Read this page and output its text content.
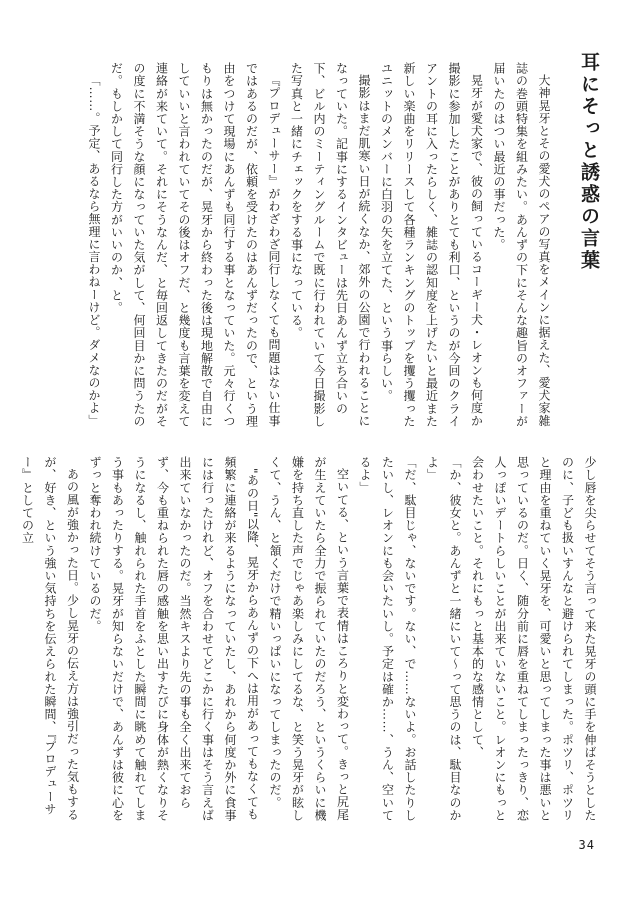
耳にそっと誘惑の言葉
大神晃牙とその愛犬のペアの写真をメインに据えた、愛犬家雑誌の巻頭特集を組みたい。あんずの下にそんな趣旨のオファーが届いたのはつい最近の事だった。
晃牙が愛犬家で、彼の飼っているコーギー犬・レオンも何度か撮影に参加したことがありとても利口、というのが今回のクライアントの耳に入ったらしく、雑誌の認知度を上げたいと最近また新しい楽曲をリリースして各種ランキングのトップを攫う攫ったユニットのメンバーに白羽の矢を立てた、という事らしい。
撮影はまだ肌寒い日が続くなか、郊外の公園で行われることになっていた。記事にするインタビューは先日あんず立ち合いの下、ビル内のミーティングルームで既に行われていて今日撮影した写真と一緒にチェックをする事になっている。
『プロデューサー』がわざわざ同行しなくても問題はない仕事ではあるのだが、依頼を受けたのはあんずだったので、という理由をつけて現場にあんずも同行する事となっていた。元々行くつもりは無かったのだが、晃牙から終わった後は現地解散で自由にしていいと言われていてその後はオフだ、と幾度も言葉を変えて連絡が来ていて。それにそうなんだ、と毎回返してきたのだがその度に不満そうな顔になっていた気がして、何回目かに問うたのだ。もしかして同行した方がいいのか、と。
「……。予定、あるなら無理に言わねーけど。ダメなのかよ」
少し唇を尖らせてそう言って来た晃牙の頭に手を伸ばそうとしたのに、子ども扱いすんなと避けられてしまった。ポツリ、ポツリと理由を重ねていく晃牙を、可愛いと思ってしまった事は悪いと思っているのだ。日く、随分前に唇を重ねてしまったっきり、恋人っぽいデートらしいことが出来ていないこと。レオンにもっと会わせたいこと。それにもっと基本的な感情として、
「か、彼女と。あんずと一緒にいて〜って思うのは、駄目なのかよ」
「だ、駄目じゃ、ないです。ない、で……ないよ。お話したりしたいし、レオンにも会いたいし。予定は確か……、うん、空いてるよ」
空いてる、という言葉で表情はころりと変わって。きっと尻尾が生えていたら全力で振られていたのだろう、というくらいに機嫌を持ち直した声でじゃあ楽しみにしてるな、と笑う晃牙が眩しくて、うん、と頷くだけで精いっぱいになってしまったのだ。
"あの日"以降、晃牙からあんずの下へは用があってもなくても頻繁に連絡が来るようになっていたし、あれから何度か外に食事には行ったけれど、オフを合わせてどこかに行く事はそう言えば出来ていなかったのだ。当然キスより先の事も全く出来ておらず、今も重ねられた唇の感触を思い出すたびに身体が熱くなりそうになるし、触れられた手首をふとした瞬間に眺めて触れてしまう事もあったりする。晃牙が知らないだけで、あんずは彼に心をずっと奪われ続けているのだ。
あの風が強かった日。少し晃牙の伝え方は強引だった気もするが、好き、という強い気持ちを伝えられた瞬間、『プロデューサー』としての立
34
